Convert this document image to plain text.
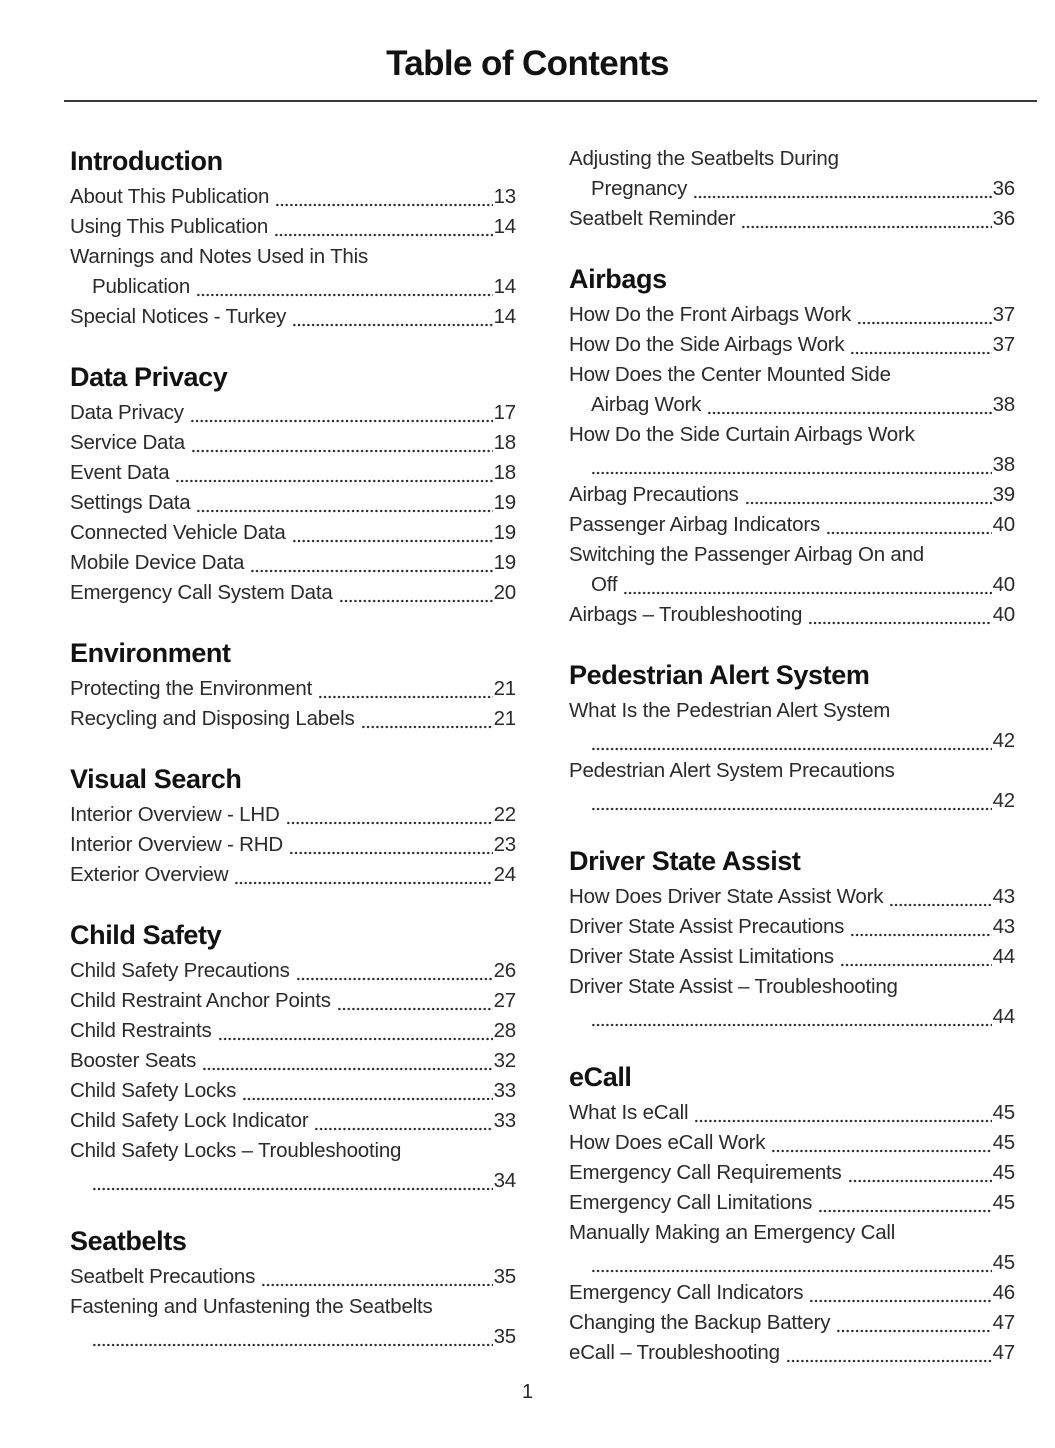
Table of Contents
Introduction
About This Publication	13
Using This Publication	14
Warnings and Notes Used in This
Publication	14
Special Notices - Turkey	14
Data Privacy
Data Privacy	17
Service Data	18
Event Data	18
Settings Data	19
Connected Vehicle Data	19
Mobile Device Data	19
Emergency Call System Data	20
Environment
Protecting the Environment	21
Recycling and Disposing Labels	21
Visual Search
Interior Overview - LHD	22
Interior Overview - RHD	23
Exterior Overview	24
Child Safety
Child Safety Precautions	26
Child Restraint Anchor Points	27
Child Restraints	28
Booster Seats	32
Child Safety Locks	33
Child Safety Lock Indicator	33
Child Safety Locks – Troubleshooting
34
Seatbelts
Seatbelt Precautions	35
Fastening and Unfastening the Seatbelts
35
Adjusting the Seatbelts During
Pregnancy	36
Seatbelt Reminder	36
Airbags
How Do the Front Airbags Work	37
How Do the Side Airbags Work	37
How Does the Center Mounted Side
Airbag Work	38
How Do the Side Curtain Airbags Work
38
Airbag Precautions	39
Passenger Airbag Indicators	40
Switching the Passenger Airbag On and
Off	40
Airbags – Troubleshooting	40
Pedestrian Alert System
What Is the Pedestrian Alert System
42
Pedestrian Alert System Precautions
42
Driver State Assist
How Does Driver State Assist Work	43
Driver State Assist Precautions	43
Driver State Assist Limitations	44
Driver State Assist – Troubleshooting
44
eCall
What Is eCall	45
How Does eCall Work	45
Emergency Call Requirements	45
Emergency Call Limitations	45
Manually Making an Emergency Call
45
Emergency Call Indicators	46
Changing the Backup Battery	47
eCall – Troubleshooting	47
1
